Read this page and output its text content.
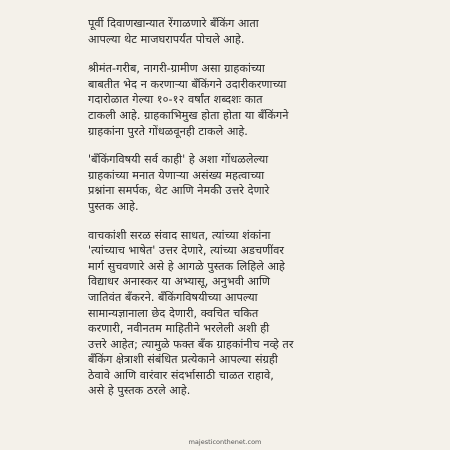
पूर्वी दिवाणखान्यात रेंगाळणारे बँकिंग आता
आपल्या थेट माजघरापर्यंत पोचले आहे.

श्रीमंत-गरीब, नागरी-ग्रामीण असा ग्राहकांच्या
बाबतीत भेद न करणाऱ्या बँकिंगने उदारीकरणाच्या
गदारोळात गेल्या १०-१२ वर्षांत शब्दशः कात
टाकली आहे. ग्राहकाभिमुख होता होता या बँकिंगने
ग्राहकांना पुरते गोंधळवूनही टाकले आहे.

'बँकिंगविषयी सर्व काही' हे अशा गोंधळलेल्या
ग्राहकांच्या मनात येणाऱ्या असंख्य महत्वाच्या
प्रश्नांना समर्पक, थेट आणि नेमकी उत्तरे देणारे
पुस्तक आहे.

वाचकांशी सरळ संवाद साधत, त्यांच्या शंकांना
'त्यांच्याच भाषेत' उत्तर देणारे, त्यांच्या अडचणींवर
मार्ग सुचवणारे असे हे आगळे पुस्तक लिहिले आहे
विद्याधर अनास्कर या अभ्यासू, अनुभवी आणि
जातिवंत बँकरने. बँकिंगविषयीच्या आपल्या
सामान्यज्ञानाला छेद देणारी, क्वचित चकित
करणारी, नवीनतम माहितीने भरलेली अशी ही
उत्तरे आहेत; त्यामुळे फक्त बँक ग्राहकांनीच नव्हे तर
बँकिंग क्षेत्राशी संबंधित प्रत्येकाने आपल्या संग्रही
ठेवावे आणि वारंवार संदर्भासाठी चाळत राहावे,
असे हे पुस्तक ठरले आहे.

majesticonthenet.com
